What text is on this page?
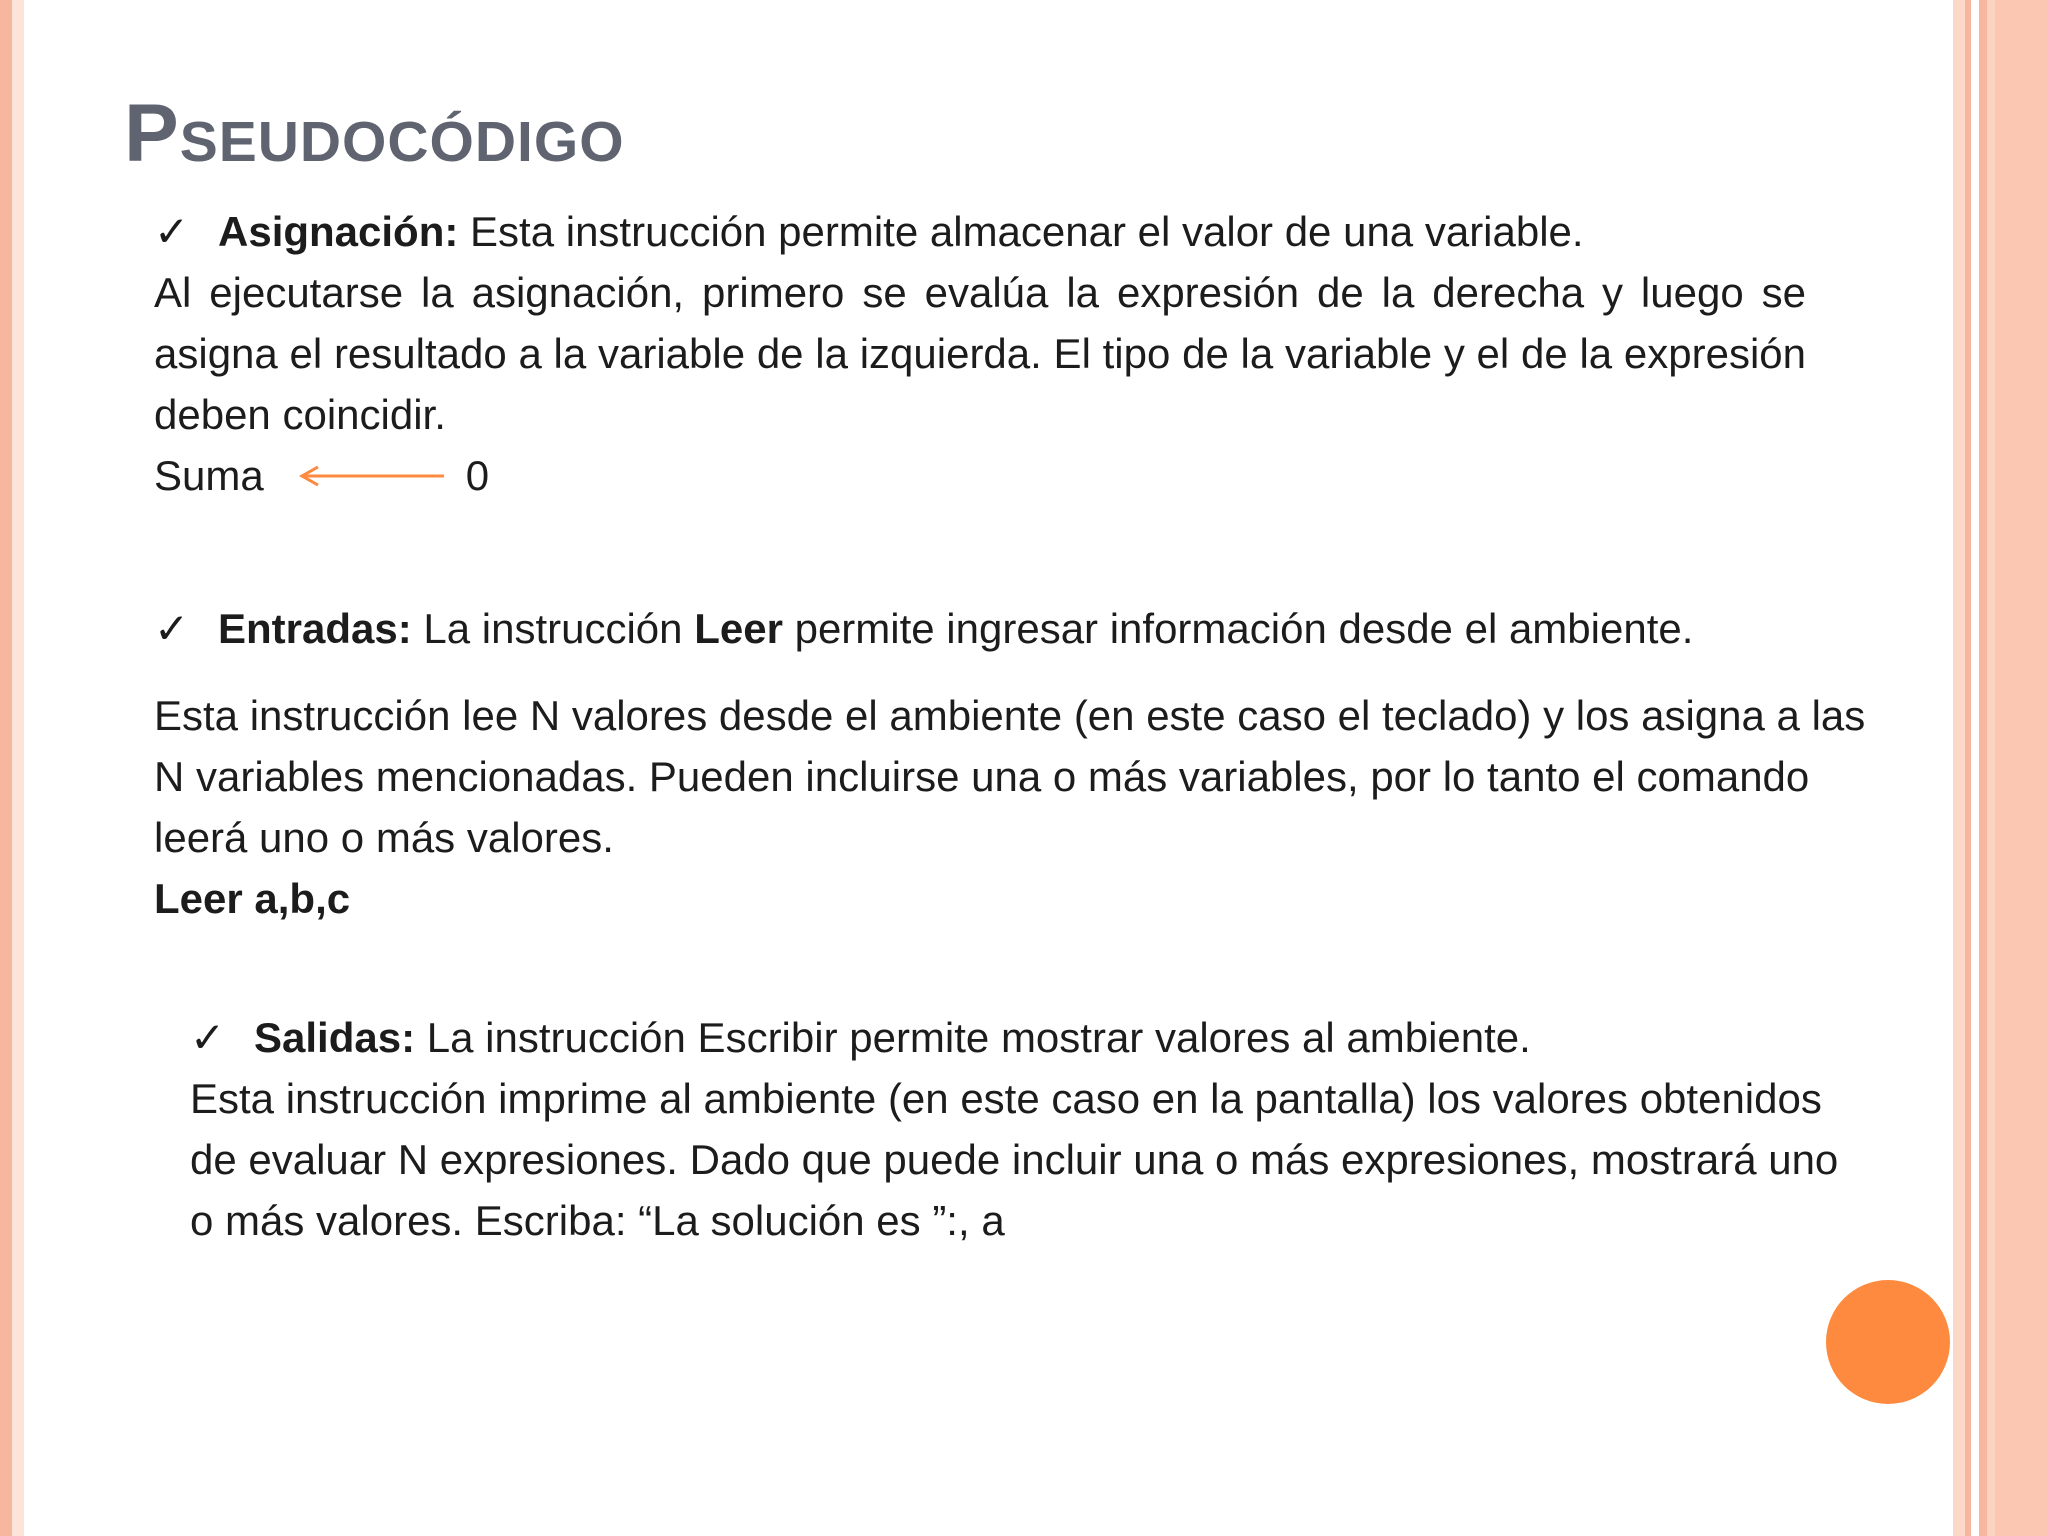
Pseudocódigo
✓ Asignación: Esta instrucción permite almacenar el valor de una variable.
Al ejecutarse la asignación, primero se evalúa la expresión de la derecha y luego se asigna el resultado a la variable de la izquierda. El tipo de la variable y el de la expresión deben coincidir.
Suma	0
✓ Entradas: La instrucción Leer permite ingresar información desde el ambiente.
Esta instrucción lee N valores desde el ambiente (en este caso el teclado) y los asigna a las N variables mencionadas. Pueden incluirse una o más variables, por lo tanto el comando leerá uno o más valores.
Leer a,b,c
✓ Salidas: La instrucción Escribir permite mostrar valores al ambiente.
Esta instrucción imprime al ambiente (en este caso en la pantalla) los valores obtenidos de evaluar N expresiones. Dado que puede incluir una o más expresiones, mostrará uno o más valores. Escriba: “La solución es ”:, a
